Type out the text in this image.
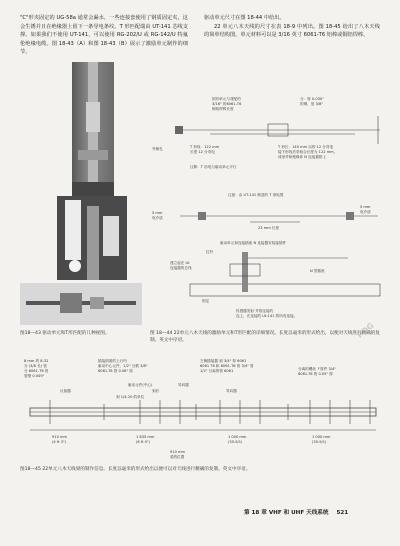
"C"形夹固定的 UG-58a 通常会漏水，一些连接套使用了钢质固定夹，这会生锈并且在绝缘器上留下一条导电条纹。T 形匹配端由 UT-141 芯线支撑。如果我们不使用 UT-141，可以使用 RG-202/U 或 RG-142/U 特氟伦绝缘电缆。图 18-43（A）和图 18-43（B）展示了激励单元制作的细节。
驱动单元尺寸在图 18-44 中给出。
22 单元八木天线的尺寸在表 18-9 中列出。图 18-45 给出了八木天线的简单结构图。单元材料可以是 3/16 英寸 6061-T6 铝棒或铜铝焊棒。
图18—43 驱动单元和T形匹配的几种视图。
固有单元与背配的
3/16" 的6061-T6
铜铝焊棒长度
分：厚 0.030"
的铜，宽 3/8"
外缘孔	T 形线：122 mm
长度 12 分弯电
T 形长：140 mm 以的 12 分弯电
接下形线后采取合长度为 122 mm，
成形并和绝缘体 N 连接插排上
注释：T 形电与驱动单元平行
注意：由 UT-141 制造的 T 形电缆
5 mm
电介质
23 mm 长度
5 mm
电介质
驱动单元和连接插座 N 连接器安装接插件
建立起在 Ut
连接器的总线
拉杆
固定
N 型插座
传感器发射 并将连接的
连上，在连接的 Ut-141 的所有连接。
图 18—44 22单元八木天线的激励单元和T形匹配的详细情况。长度以毫米的形式给出，以便对天线进行精确的复制。英文中序语。
8 mm 的 8-32
分 (3/8 长) 管
分 6061-T6 管
管壁 0.049"
插接面面的上行内
驱动中心元件，1/2" 分数 3/8"
6061-T6 管 0.06" 厚
左侧插接器 到 3/4" 厚 6061
6061 T6 和 6061-T6 的 3/4" 管
1/2" 分离的管 6061	分离的螺丝 ↑厚件 3/4"
6061-T6 的 0.05" 厚
反射器
驱动元件(中心)	导向器
到后
到 1/4-20 的单位
导向器
910 mm
(4 ft 3")
1 835 mm
(6 ft 0")
1 000 mm
(35-9/1)
1 000 mm
(35-9/1)
910 mm
梁的位置
图18—45 22单元八木天线梁的制作信息。长度以毫米的形式给出以便可以对天线进行精确的复制。英文中序语。
PDG
第 18 章 VHF 和 UHF 天线系统 521
